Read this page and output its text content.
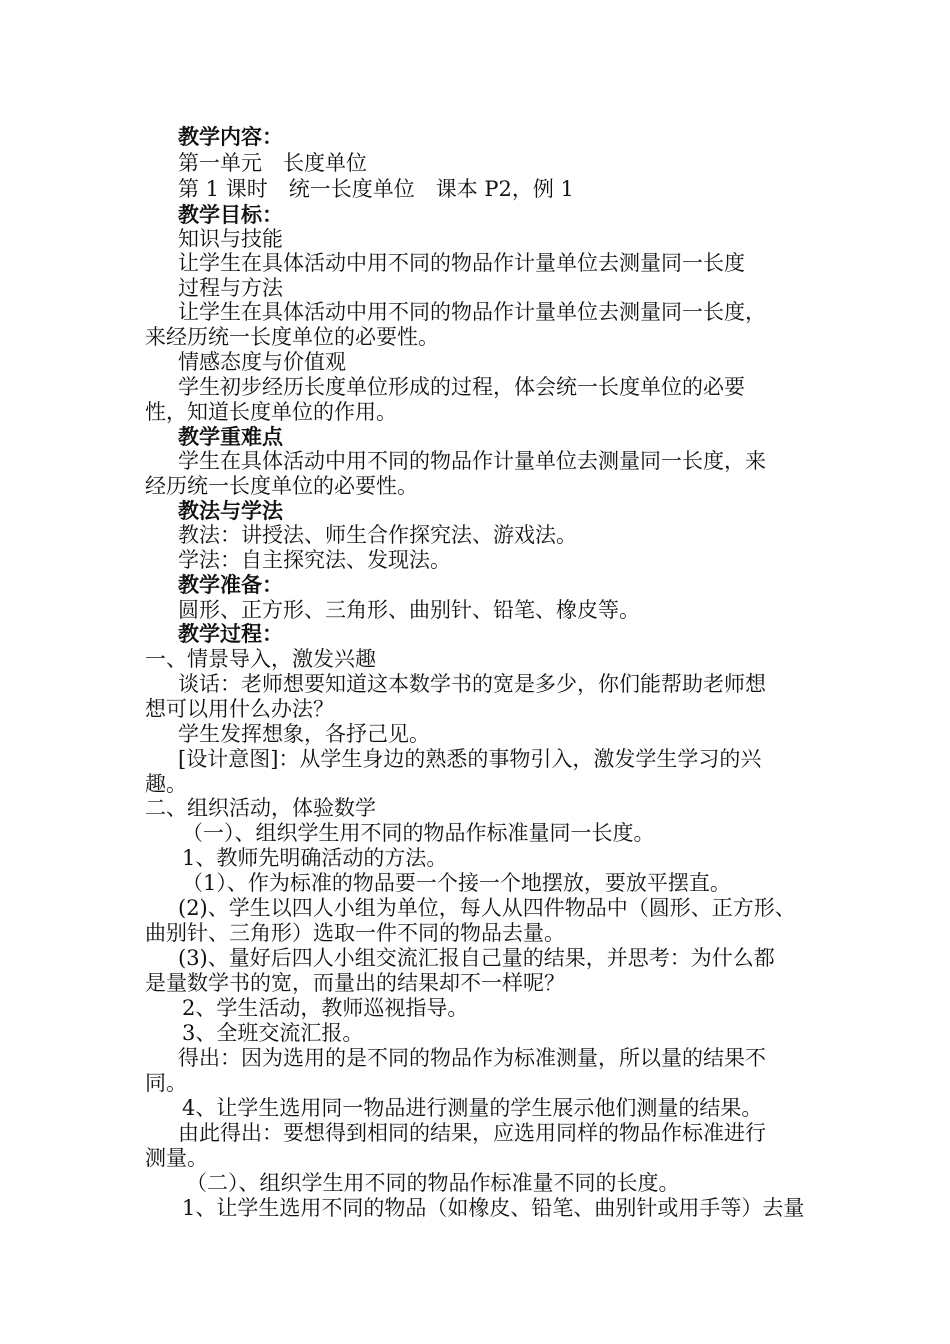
教学内容：
第一单元　长度单位
第 1 课时　统一长度单位　课本 P2，例 1
教学目标：
知识与技能
让学生在具体活动中用不同的物品作计量单位去测量同一长度
过程与方法
让学生在具体活动中用不同的物品作计量单位去测量同一长度，
来经历统一长度单位的必要性。
情感态度与价值观
学生初步经历长度单位形成的过程，体会统一长度单位的必要
性，知道长度单位的作用。
教学重难点
学生在具体活动中用不同的物品作计量单位去测量同一长度，来
经历统一长度单位的必要性。
教法与学法
教法：讲授法、师生合作探究法、游戏法。
学法：自主探究法、发现法。
教学准备：
圆形、正方形、三角形、曲别针、铅笔、橡皮等。
教学过程：
一、情景导入，激发兴趣
谈话：老师想要知道这本数学书的宽是多少，你们能帮助老师想
想可以用什么办法？
学生发挥想象，各抒己见。
[设计意图]：从学生身边的熟悉的事物引入，激发学生学习的兴
趣。
二、组织活动，体验数学
（一）、组织学生用不同的物品作标准量同一长度。
1、教师先明确活动的方法。
（1）、作为标准的物品要一个接一个地摆放，要放平摆直。
(2)、学生以四人小组为单位，每人从四件物品中（圆形、正方形、
曲别针、三角形）选取一件不同的物品去量。
(3)、量好后四人小组交流汇报自己量的结果，并思考：为什么都
是量数学书的宽，而量出的结果却不一样呢？
2、学生活动，教师巡视指导。
3、全班交流汇报。
得出：因为选用的是不同的物品作为标准测量，所以量的结果不
同。
4、让学生选用同一物品进行测量的学生展示他们测量的结果。
由此得出：要想得到相同的结果，应选用同样的物品作标准进行
测量。
（二）、组织学生用不同的物品作标准量不同的长度。
1、让学生选用不同的物品（如橡皮、铅笔、曲别针或用手等）去量
